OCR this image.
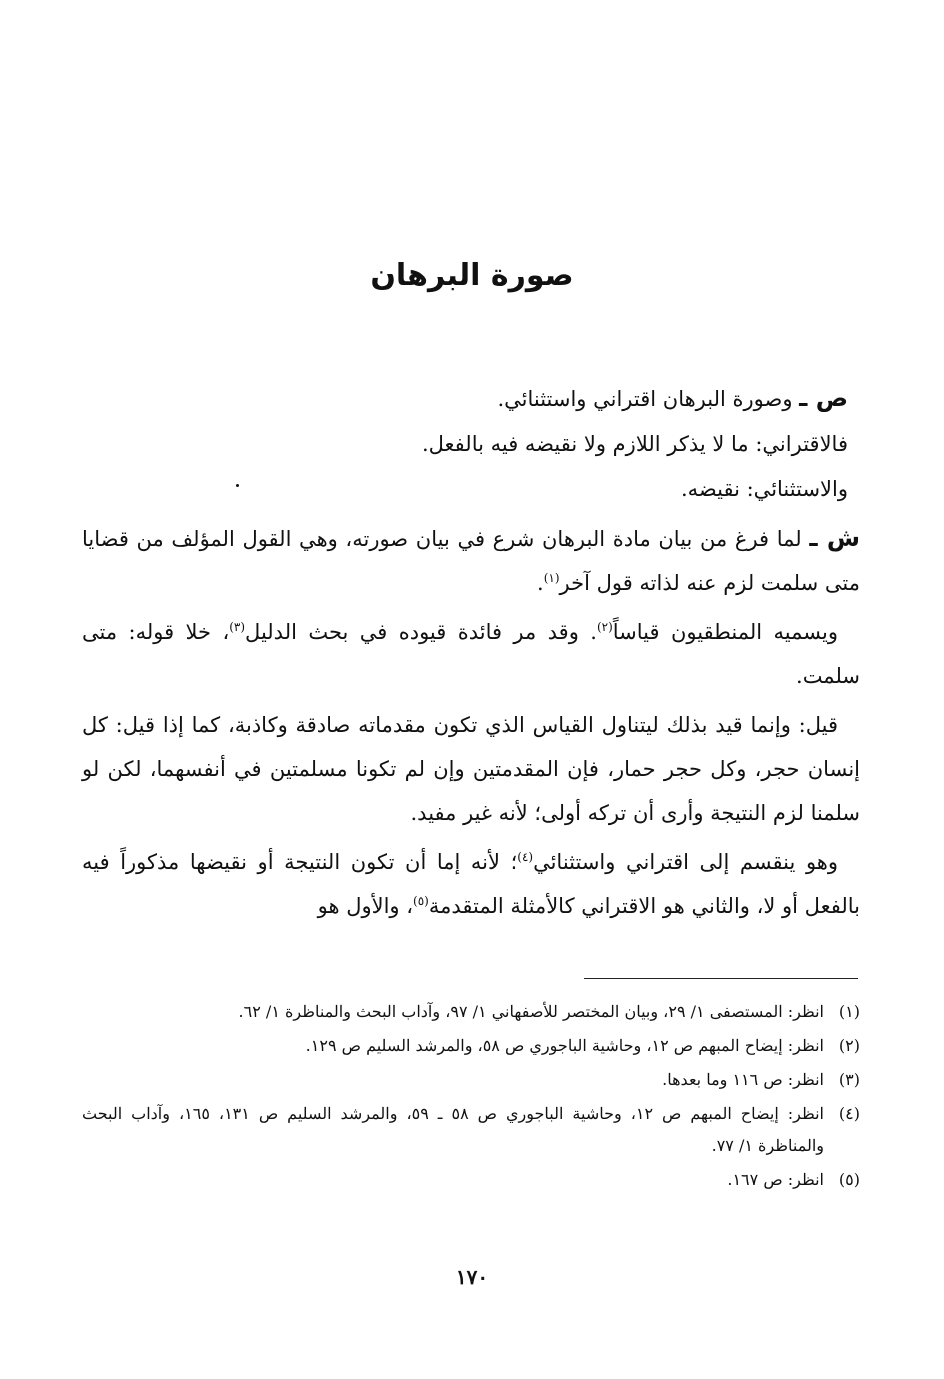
صورة البرهان
ص ـ وصورة البرهان اقتراني واستثنائي.
فالاقتراني: ما لا يذكر اللازم ولا نقيضه فيه بالفعل.
والاستثنائي: نقيضه.

ش ـ لما فرغ من بيان مادة البرهان شرع في بيان صورته، وهي القول المؤلف من قضايا متى سلمت لزم عنه لذاته قول آخر$^{(١)}$.

ويسميه المنطقيون قياساً$^{(٢)}$. وقد مر فائدة قيوده في بحث الدليل$^{(٣)}$، خلا قوله: متى سلمت.

قيل: وإنما قيد بذلك ليتناول القياس الذي تكون مقدماته صادقة وكاذبة، كما إذا قيل: كل إنسان حجر، وكل حجر حمار، فإن المقدمتين وإن لم تكونا مسلمتين في أنفسهما، لكن لو سلمنا لزم النتيجة وأرى أن تركه أولى؛ لأنه غير مفيد.

وهو ينقسم إلى اقتراني واستثنائي$^{(٤)}$؛ لأنه إما أن تكون النتيجة أو نقيضها مذكوراً فيه بالفعل أو لا، والثاني هو الاقتراني كالأمثلة المتقدمة$^{(٥)}$، والأول هو

(١)
انظر: المستصفى ١/ ٢٩، وبيان المختصر للأصفهاني ١/ ٩٧، وآداب البحث والمناظرة ١/ ٦٢.
(٢)
انظر: إيضاح المبهم ص ١٢، وحاشية الباجوري ص ٥٨، والمرشد السليم ص ١٢٩.
(٣)
انظر: ص ١١٦ وما بعدها.
(٤)
انظر: إيضاح المبهم ص ١٢، وحاشية الباجوري ص ٥٨ ـ ٥٩، والمرشد السليم ص ١٣١، ١٦٥، وآداب البحث والمناظرة ١/ ٧٧.
(٥)
انظر: ص ١٦٧.
١٧٠
